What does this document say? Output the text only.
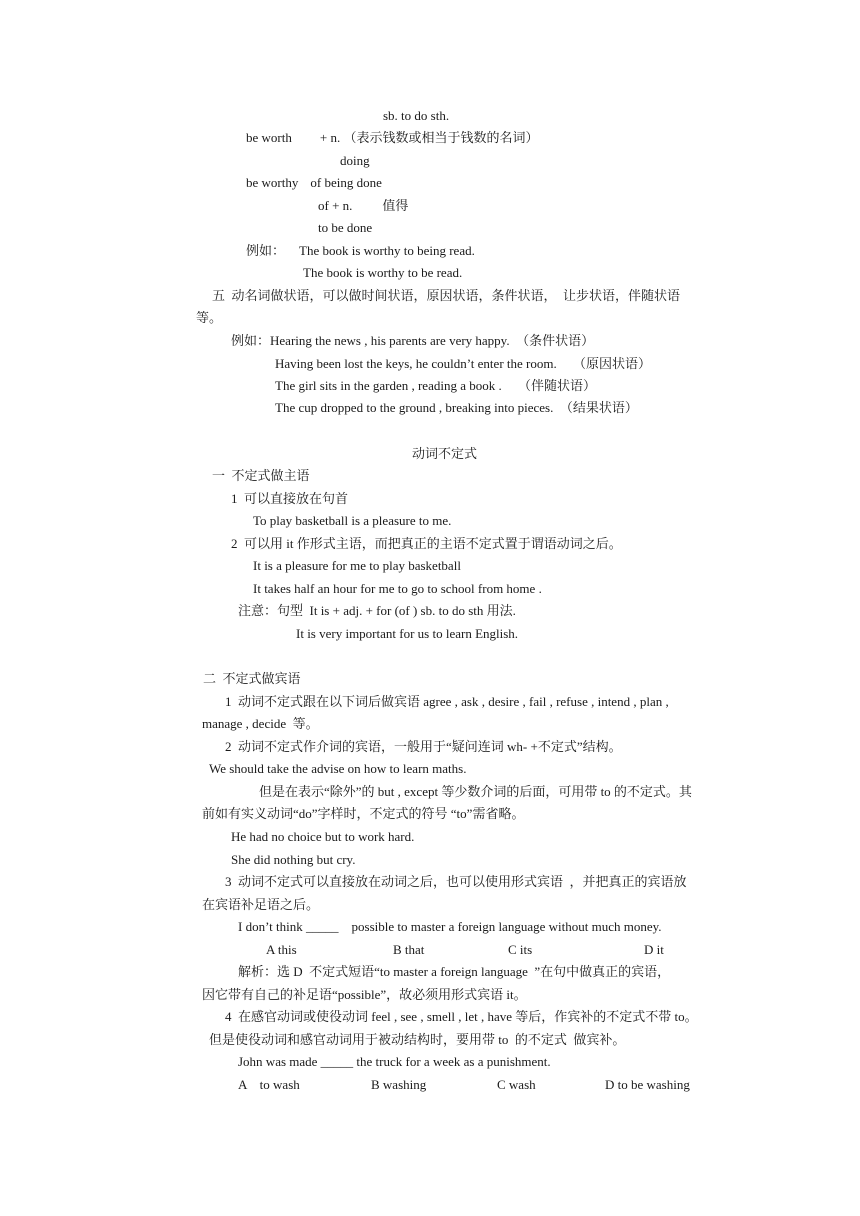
sb. to do sth.
be worth + n. （表示钱数或相当于钱数的名词）
doing
be worthy of being done
of + n. 值得
to be done
例如： The book is worthy to being read.
The book is worthy to be read.
五  动名词做状语，可以做时间状语，原因状语，条件状语，  让步状语，伴随状语
等。
例如：Hearing the news , his parents are very happy.  （条件状语）
Having been lost the keys, he couldn’t enter the room.     （原因状语）
The girl sits in the garden , reading a book .     （伴随状语）
The cup dropped to the ground , breaking into pieces.  （结果状语）
动词不定式
一  不定式做主语
1  可以直接放在句首
To play basketball is a pleasure to me.
2  可以用 it 作形式主语，而把真正的主语不定式置于谓语动词之后。
It is a pleasure for me to play basketball
It takes half an hour for me to go to school from home .
注意：句型  It is + adj. + for (of ) sb. to do sth 用法.
It is very important for us to learn English.
二  不定式做宾语
1  动词不定式跟在以下词后做宾语 agree , ask , desire , fail , refuse , intend , plan ,
manage , decide  等。
2  动词不定式作介词的宾语，一般用于“疑问连词 wh- +不定式”结构。
We should take the advise on how to learn maths.
但是在表示“除外”的 but , except 等少数介词的后面，可用带 to 的不定式。其
前如有实义动词“do”字样时，不定式的符号 “to”需省略。
He had no choice but to work hard.
She did nothing but cry.
3  动词不定式可以直接放在动词之后，也可以使用形式宾语  ，并把真正的宾语放
在宾语补足语之后。
I don’t think _____    possible to master a foreign language without much money.
A this	B that	C its	D it
解析：选 D  不定式短语“to master a foreign language  ”在句中做真正的宾语，
因它带有自己的补足语“possible”，故必须用形式宾语 it。
4  在感官动词或使役动词 feel , see , smell , let , have 等后，作宾补的不定式不带 to。
但是使役动词和感官动词用于被动结构时，要用带 to  的不定式  做宾补。
John was made _____ the truck for a week as a punishment.
A    to wash	B washing	C wash	D to be washing
